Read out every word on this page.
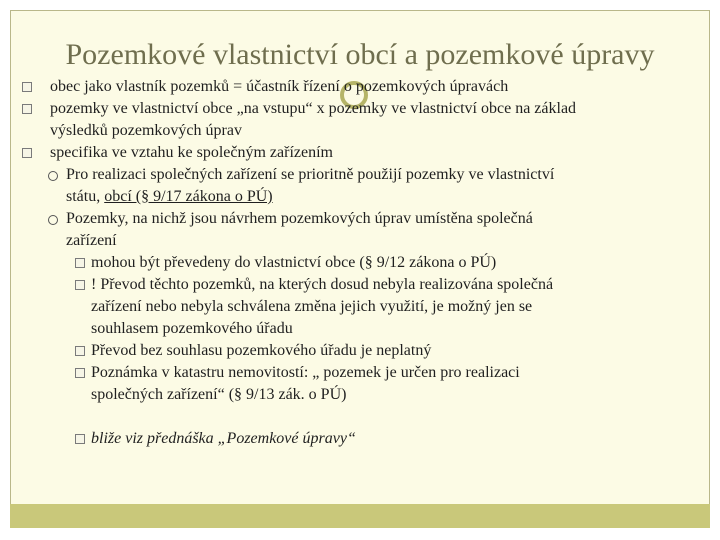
Pozemkové vlastnictví obcí a pozemkové úpravy
obec jako vlastník pozemků = účastník řízení o pozemkových úpravách
pozemky ve vlastnictví obce „na vstupu“ x pozemky ve vlastnictví obce na základ
výsledků pozemkových úprav
specifika ve vztahu ke společným zařízením
Pro realizaci společných zařízení se prioritně použijí pozemky ve vlastnictví
státu, obcí (§ 9/17 zákona o PÚ)
Pozemky, na nichž jsou návrhem pozemkových úprav umístěna společná
zařízení
mohou být převedeny do vlastnictví obce (§ 9/12 zákona o PÚ)
! Převod těchto pozemků, na kterých dosud nebyla realizována společná
zařízení nebo nebyla schválena změna jejich využití, je možný jen se
souhlasem pozemkového úřadu
Převod bez souhlasu pozemkového úřadu je neplatný
Poznámka v katastru nemovitostí: „ pozemek je určen pro realizaci
společných zařízení“ (§ 9/13 zák. o PÚ)
bliže viz přednáška „Pozemkové úpravy“
